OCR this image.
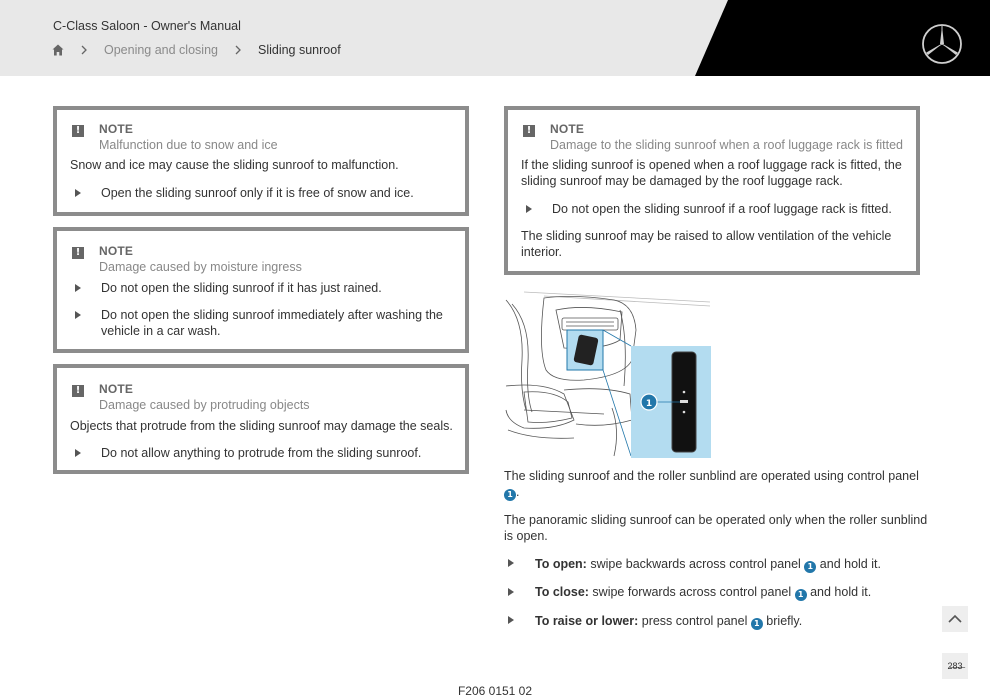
C-Class Saloon - Owner's Manual
Opening and closing	Sliding sunroof
!	NOTE
Malfunction due to snow and ice
Snow and ice may cause the sliding sunroof to malfunction.
Open the sliding sunroof only if it is free of snow and ice.
!	NOTE
Damage caused by moisture ingress
Do not open the sliding sunroof if it has just rained.
Do not open the sliding sunroof immediately after washing the
vehicle in a car wash.
!	NOTE
Damage caused by protruding objects
Objects that protrude from the sliding sunroof may damage the seals.
Do not allow anything to protrude from the sliding sunroof.
!	NOTE
Damage to the sliding sunroof when a roof luggage rack is fitted
If the sliding sunroof is opened when a roof luggage rack is fitted, the
sliding sunroof may be damaged by the roof luggage rack.
Do not open the sliding sunroof if a roof luggage rack is fitted.
The sliding sunroof may be raised to allow ventilation of the vehicle
interior.
1
The sliding sunroof and the roller sunblind are operated using control panel
1 .
The panoramic sliding sunroof can be operated only when the roller sunblind
is open.
To open: swipe backwards across control panel 1 and hold it.
To close: swipe forwards across control panel 1 and hold it.
To raise or lower: press control panel 1 briefly.
2̶8̶3̶
F206 0151 02
